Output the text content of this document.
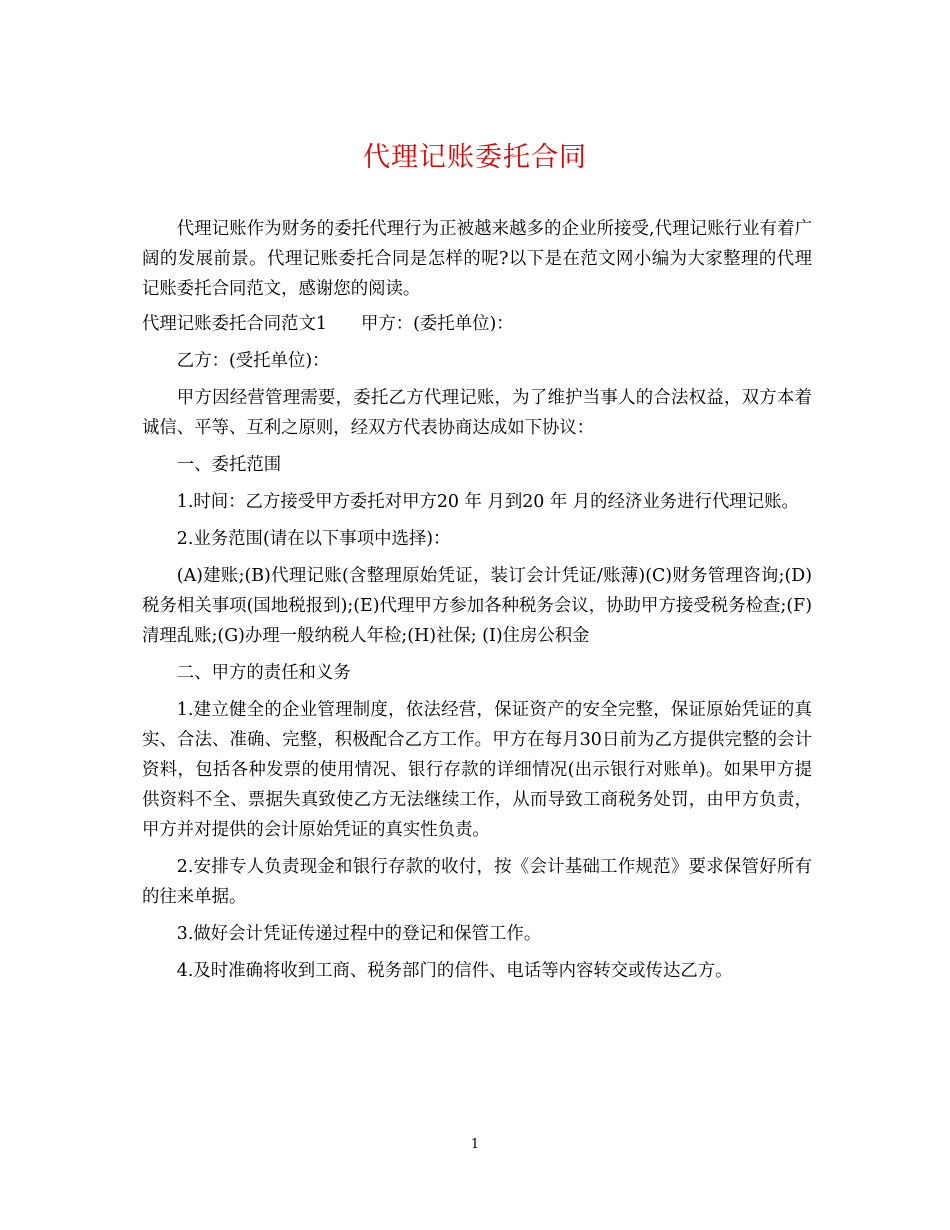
代理记账委托合同

代理记账作为财务的委托代理行为正被越来越多的企业所接受,代理记账行业有着广阔的发展前景。代理记账委托合同是怎样的呢?以下是在范文网小编为大家整理的代理记账委托合同范文，感谢您的阅读。

代理记账委托合同范文1 甲方：(委托单位)：

乙方：(受托单位)：

甲方因经营管理需要，委托乙方代理记账，为了维护当事人的合法权益，双方本着诚信、平等、互利之原则，经双方代表协商达成如下协议：

一、委托范围

1.时间：乙方接受甲方委托对甲方20 年 月到20 年 月的经济业务进行代理记账。

2.业务范围(请在以下事项中选择)：

(A)建账;(B)代理记账(含整理原始凭证，装订会计凭证/账薄)(C)财务管理咨询;(D)税务相关事项(国地税报到);(E)代理甲方参加各种税务会议，协助甲方接受税务检查;(F)清理乱账;(G)办理一般纳税人年检;(H)社保; (I)住房公积金

二、甲方的责任和义务

1.建立健全的企业管理制度，依法经营，保证资产的安全完整，保证原始凭证的真实、合法、准确、完整，积极配合乙方工作。甲方在每月30日前为乙方提供完整的会计资料，包括各种发票的使用情况、银行存款的详细情况(出示银行对账单)。如果甲方提供资料不全、票据失真致使乙方无法继续工作，从而导致工商税务处罚，由甲方负责，甲方并对提供的会计原始凭证的真实性负责。

2.安排专人负责现金和银行存款的收付，按《会计基础工作规范》要求保管好所有的往来单据。

3.做好会计凭证传递过程中的登记和保管工作。

4.及时准确将收到工商、税务部门的信件、电话等内容转交或传达乙方。

1
